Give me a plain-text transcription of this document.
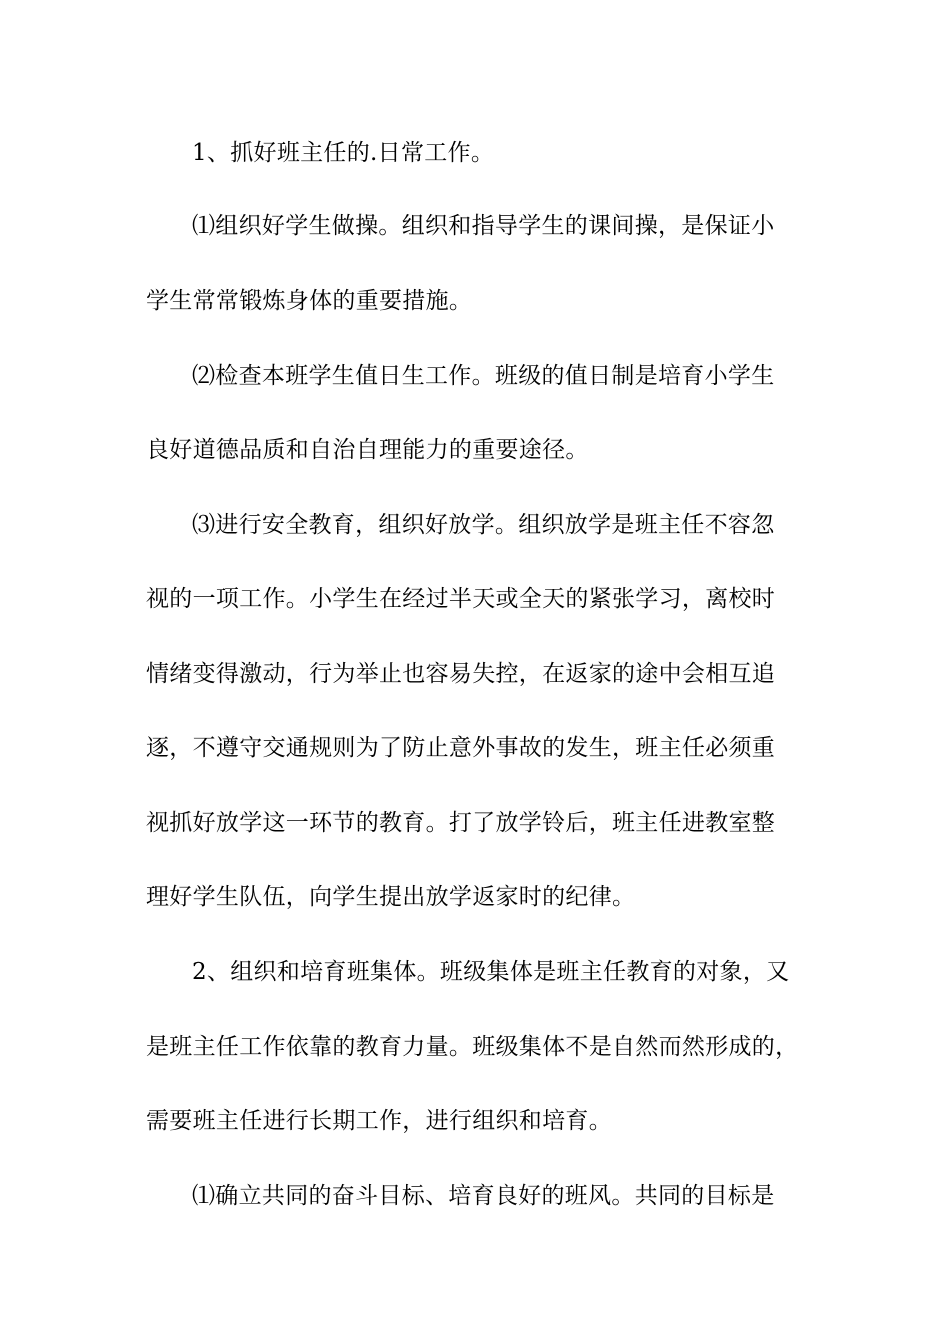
1、抓好班主任的.日常工作。
⑴组织好学生做操。组织和指导学生的课间操，是保证小
学生常常锻炼身体的重要措施。
⑵检查本班学生值日生工作。班级的值日制是培育小学生
良好道德品质和自治自理能力的重要途径。
⑶进行安全教育，组织好放学。组织放学是班主任不容忽
视的一项工作。小学生在经过半天或全天的紧张学习，离校时
情绪变得激动，行为举止也容易失控，在返家的途中会相互追
逐，不遵守交通规则为了防止意外事故的发生，班主任必须重
视抓好放学这一环节的教育。打了放学铃后，班主任进教室整
理好学生队伍，向学生提出放学返家时的纪律。
2、组织和培育班集体。班级集体是班主任教育的对象，又
是班主任工作依靠的教育力量。班级集体不是自然而然形成的，
需要班主任进行长期工作，进行组织和培育。
⑴确立共同的奋斗目标、培育良好的班风。共同的目标是
